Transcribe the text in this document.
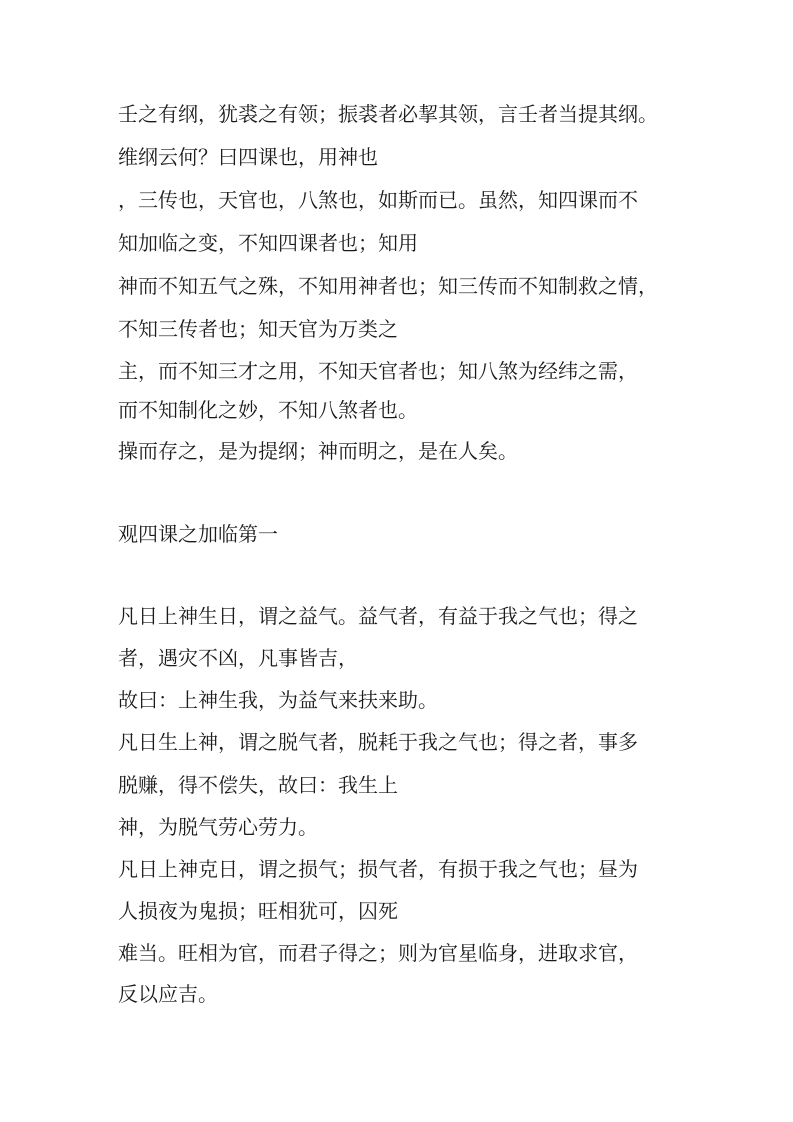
壬之有纲，犹裘之有领；振裘者必挈其领，言壬者当提其纲。

维纲云何？曰四课也，用神也

，三传也，天官也，八煞也，如斯而已。虽然，知四课而不

知加临之变，不知四课者也；知用

神而不知五气之殊，不知用神者也；知三传而不知制救之情，

不知三传者也；知天官为万类之

主，而不知三才之用，不知天官者也；知八煞为经纬之需，

而不知制化之妙，不知八煞者也。

操而存之，是为提纲；神而明之，是在人矣。

观四课之加临第一

凡日上神生日，谓之益气。益气者，有益于我之气也；得之

者，遇灾不凶，凡事皆吉，

故曰：上神生我，为益气来扶来助。

凡日生上神，谓之脱气者，脱耗于我之气也；得之者，事多

脱赚，得不偿失，故曰：我生上

神，为脱气劳心劳力。

凡日上神克日，谓之损气；损气者，有损于我之气也；昼为

人损夜为鬼损；旺相犹可，囚死

难当。旺相为官，而君子得之；则为官星临身，进取求官，

反以应吉。
